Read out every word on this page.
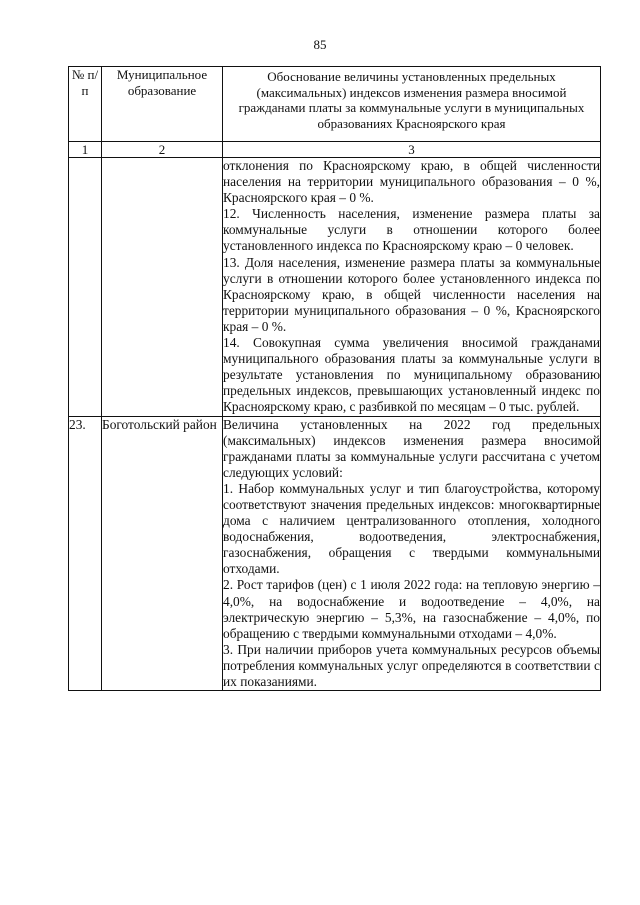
85
№ п/п	Муниципальное образование	Обоснование величины установленных предельных (максимальных) индексов изменения размера вносимой гражданами платы за коммунальные услуги в муниципальных образованиях Красноярского края
1	2	3

		отклонения по Красноярскому краю, в общей численности населения на территории муниципального образования – 0 %, Красноярского края – 0 %.

12. Численность населения, изменение размера платы за коммунальные услуги в отношении которого более установленного индекса по Красноярскому краю – 0 человек.

13. Доля населения, изменение размера платы за коммунальные услуги в отношении которого более установленного индекса по Красноярскому краю, в общей численности населения на территории муниципального образования – 0 %, Красноярского края – 0 %.

14. Совокупная сумма увеличения вносимой гражданами муниципального образования платы за коммунальные услуги в результате установления по муниципальному образованию предельных индексов, превышающих установленный индекс по Красноярскому краю, с разбивкой по месяцам – 0 тыс. рублей.

23.	Боготольский район	Величина установленных на 2022 год предельных (максимальных) индексов изменения размера вносимой гражданами платы за коммунальные услуги рассчитана с учетом следующих условий:

1. Набор коммунальных услуг и тип благоустройства, которому соответствуют значения предельных индексов: многоквартирные дома с наличием централизованного отопления, холодного водоснабжения, водоотведения, электроснабжения, газоснабжения, обращения с твердыми коммунальными отходами.

2. Рост тарифов (цен) с 1 июля 2022 года: на тепловую энергию – 4,0%, на водоснабжение и водоотведение – 4,0%, на электрическую энергию – 5,3%, на газоснабжение – 4,0%, по обращению с твердыми коммунальными отходами – 4,0%.

3. При наличии приборов учета коммунальных ресурсов объемы потребления коммунальных услуг определяются в соответствии с их показаниями.
